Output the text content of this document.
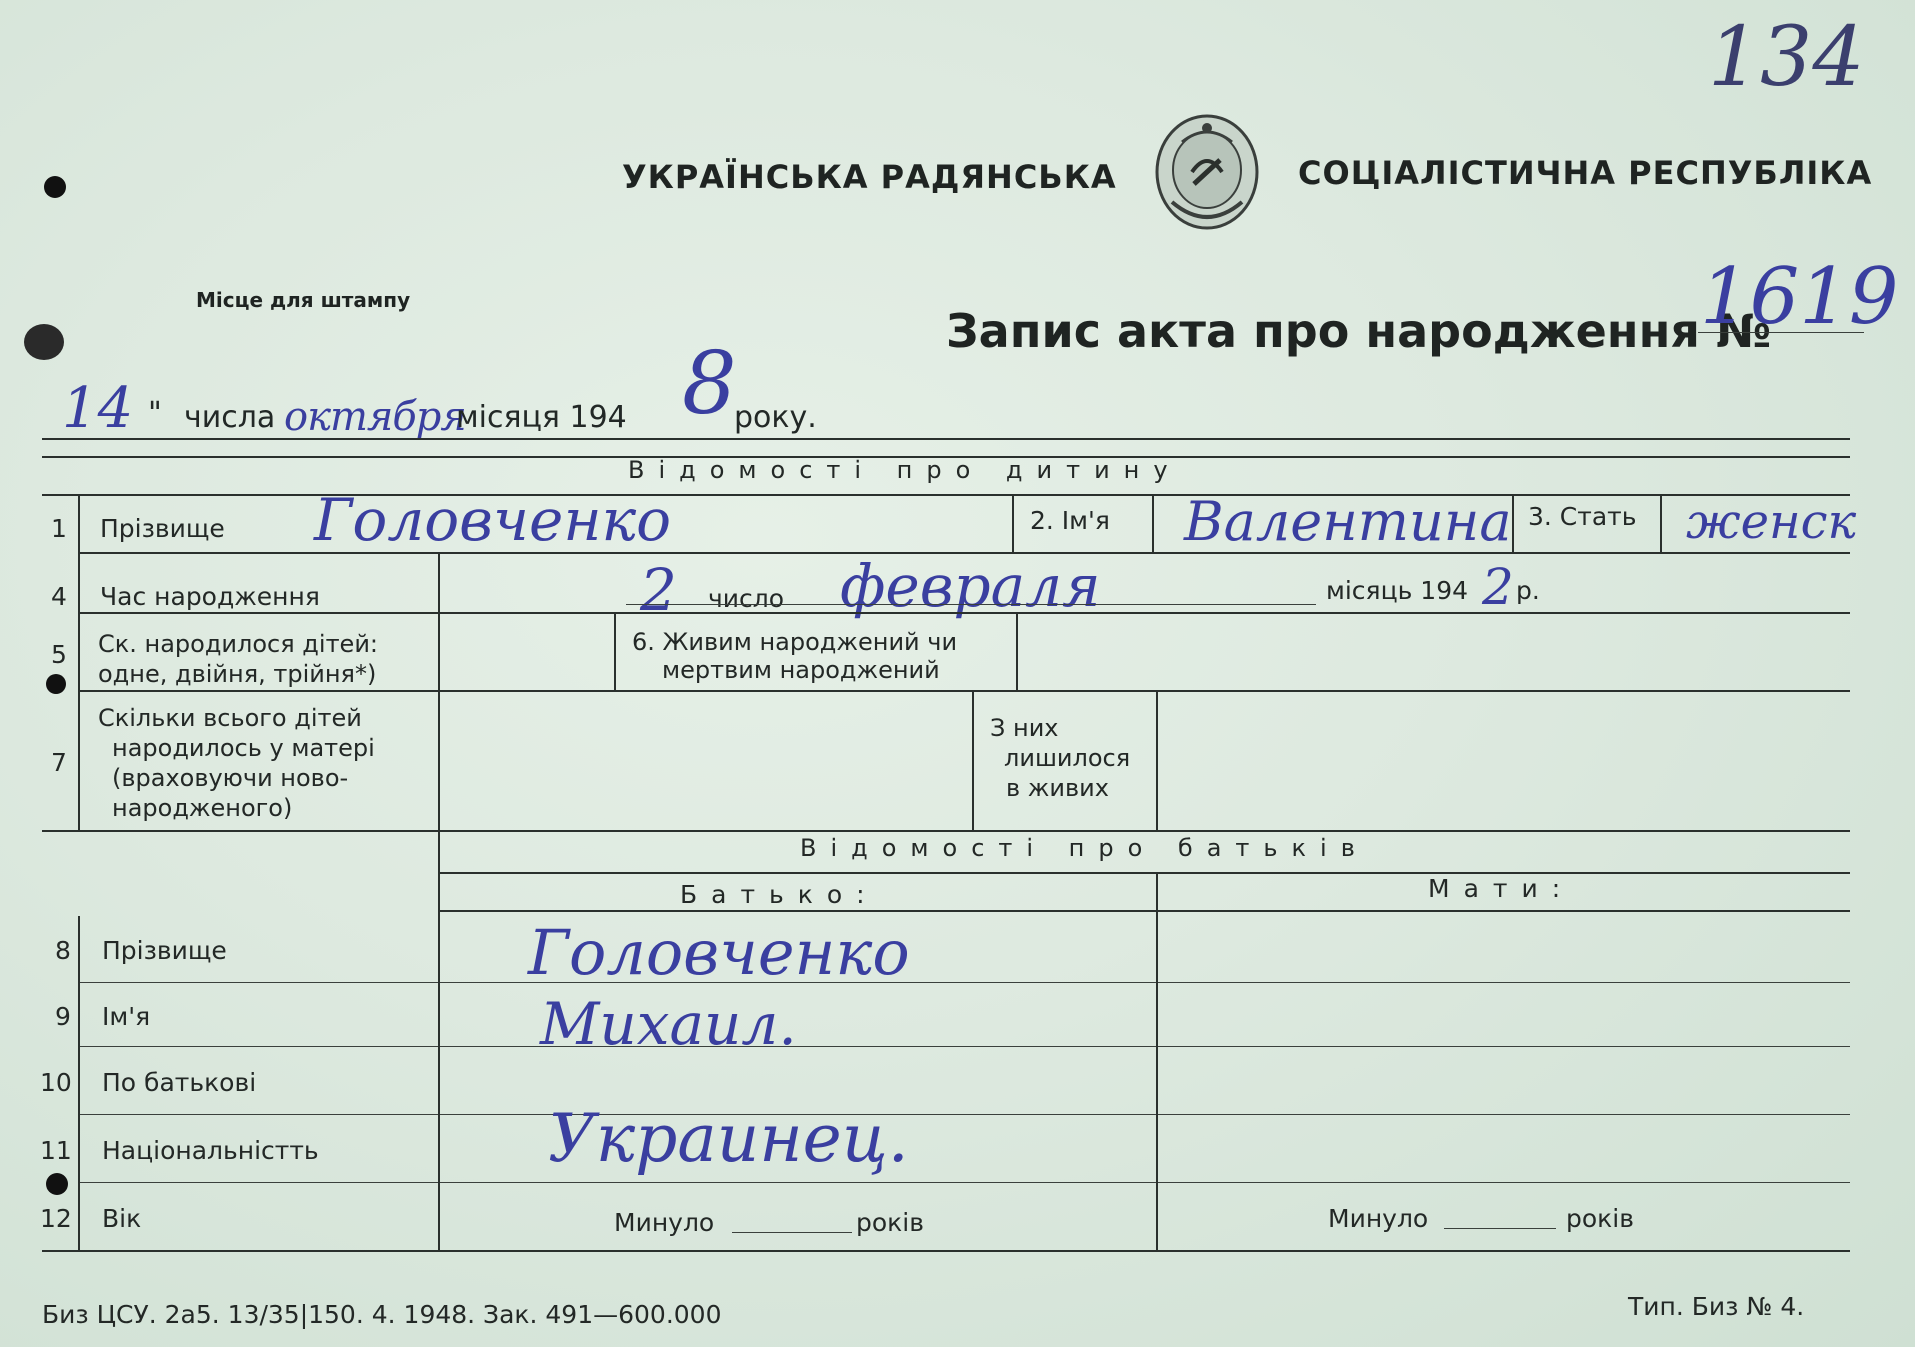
134
УКРАЇНСЬКА РАДЯНСЬКА	СОЦІАЛІСТИЧНА РЕСПУБЛІКА
Місце для штампу
Запис акта про народження №
1619
14 " числа октября
місяця 194 8
року.
Відомості про дитину
1 Прізвище Головченко	2. Ім'я Валентина 3. Стать женск
4 Час народження	2 число февраля	місяць 194 2 р.
5 Ск. народилося дітей:
одне, двійня, трійня*)
6. Живим народжений чи
мертвим народжений
7
Скільки всього дітей
народилось у матері
(враховуючи ново-
народженого)
З них
лишилося
в живих
Відомості про батьків
Батько:	Мати:
8 Прізвище	Головченко
9 Ім'я	Михаил.
10 По батькові
11 Національністть	Украинец.
12 Вік	Минуло	років	Минуло	років
Биз ЦСУ. 2а5. 13/35|150. 4. 1948. Зак. 491—600.000	Тип. Биз № 4.
